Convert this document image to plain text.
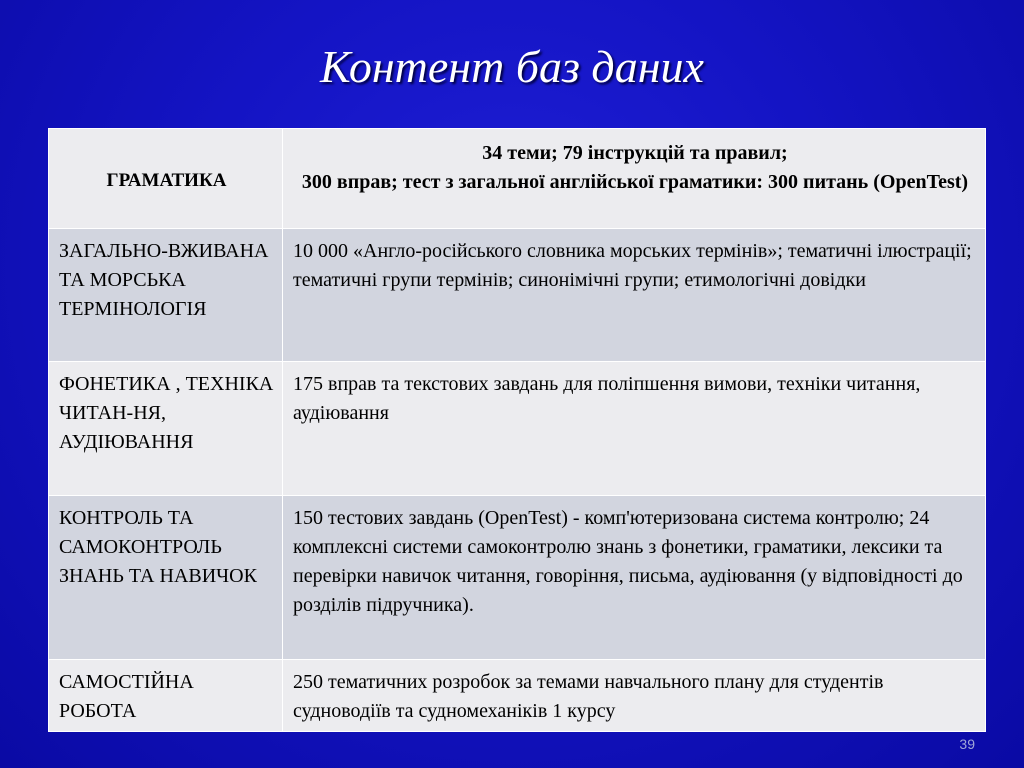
Контент баз даних
ГРАМАТИКА	34 теми; 79 інструкцій та правил;
300 вправ; тест з загальної англійської граматики: 300 питань (OpenTest)

ЗАГАЛЬНО-ВЖИВАНА ТА МОРСЬКА ТЕРМІНОЛОГІЯ	10 000 «Англо-російського словника морських термінів»; тематичні ілюстрації; тематичні групи термінів; синонімічні групи; етимологічні довідки
ФОНЕТИКА , ТЕХНІКА ЧИТАН-НЯ, АУДІЮВАННЯ	175 вправ та текстових завдань для поліпшення вимови, техніки читання, аудіювання
КОНТРОЛЬ ТА САМОКОНТРОЛЬ ЗНАНЬ ТА НАВИЧОК	150 тестових завдань (OpenTest) - комп'ютеризована система контролю; 24 комплексні системи самоконтролю знань з фонетики, граматики, лексики та перевірки навичок читання, говоріння, письма, аудіювання (у відповідності до розділів підручника).
САМОСТІЙНА РОБОТА	250 тематичних розробок за темами навчального плану для студентів судноводіїв та судномеханіків 1 курсу
39
